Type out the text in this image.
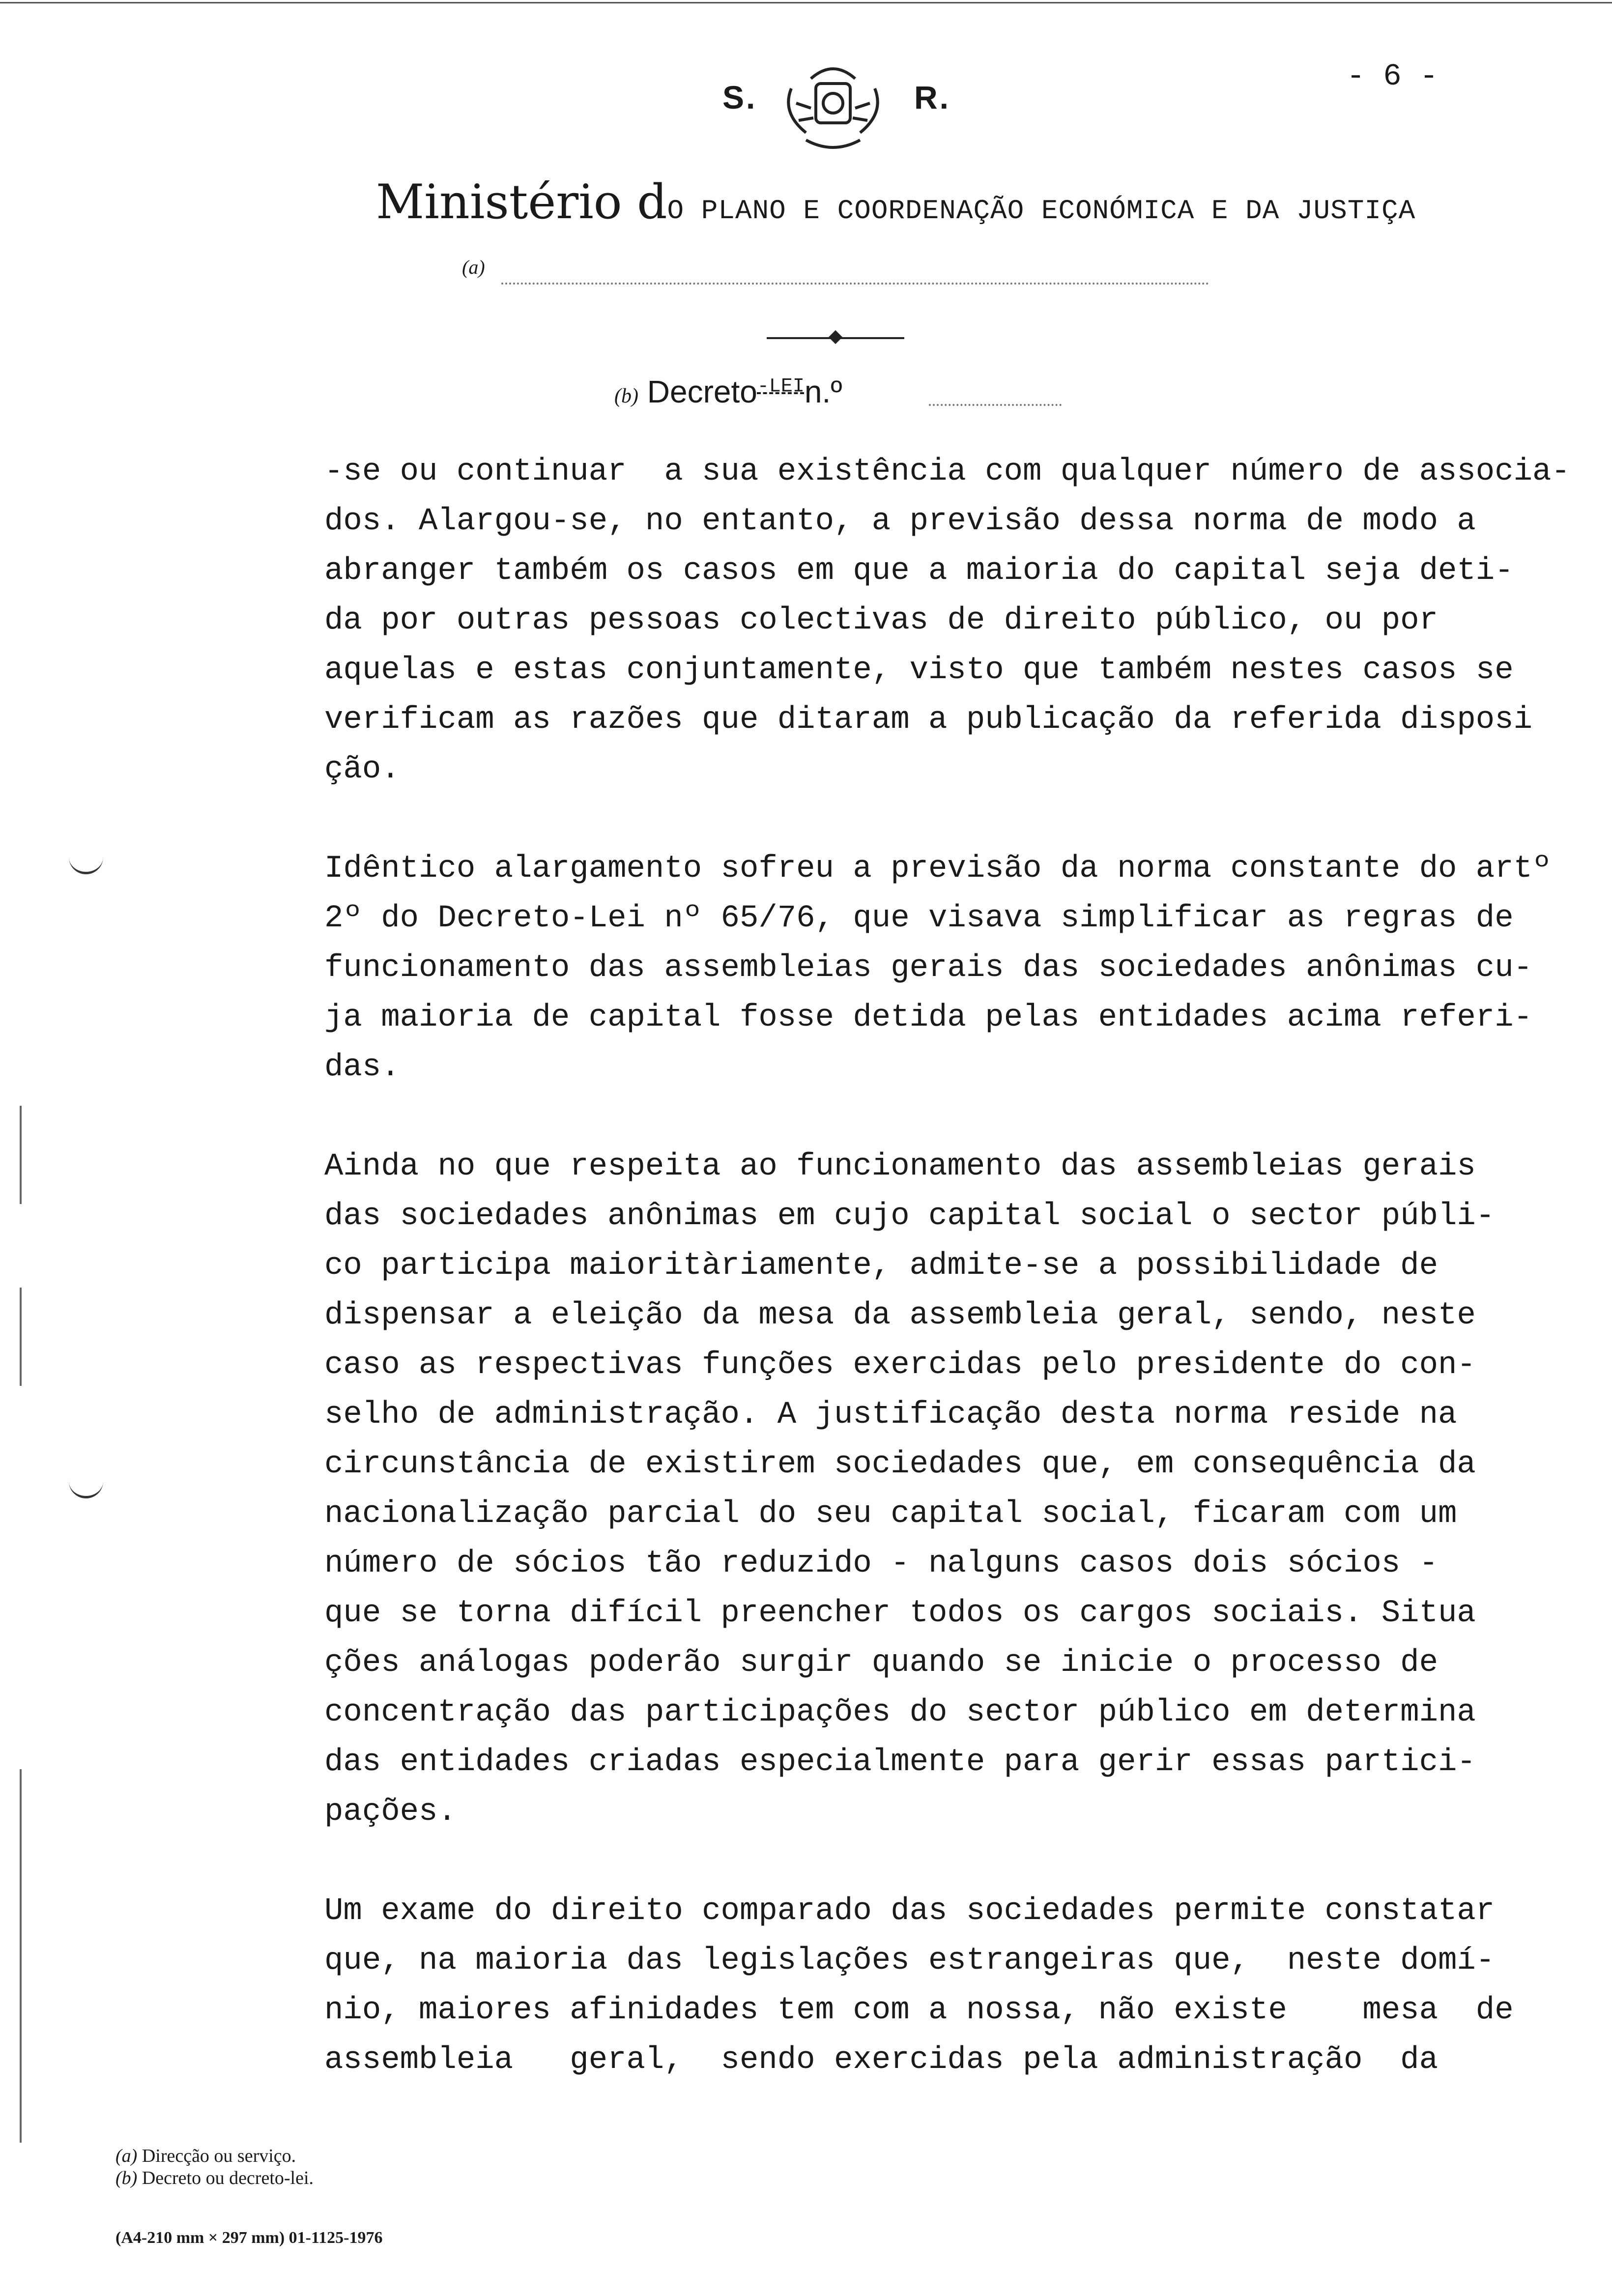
S.	R.
- 6 -
Ministério dO PLANO E COORDENAÇÃO ECONÓMICA E DA JUSTIÇA
(a)
(b) Decreto$^{-LEI}$n.º
-se ou continuar  a sua existência com qualquer número de associa-
dos. Alargou-se, no entanto, a previsão dessa norma de modo a
abranger também os casos em que a maioria do capital seja deti-
da por outras pessoas colectivas de direito público, ou por
aquelas e estas conjuntamente, visto que também nestes casos se
verificam as razões que ditaram a publicação da referida disposi
ção.
Idêntico alargamento sofreu a previsão da norma constante do artº
2º do Decreto-Lei nº 65/76, que visava simplificar as regras de
funcionamento das assembleias gerais das sociedades anônimas cu-
ja maioria de capital fosse detida pelas entidades acima referi-
das.
Ainda no que respeita ao funcionamento das assembleias gerais
das sociedades anônimas em cujo capital social o sector públi-
co participa maioritàriamente, admite-se a possibilidade de
dispensar a eleição da mesa da assembleia geral, sendo, neste
caso as respectivas funções exercidas pelo presidente do con-
selho de administração. A justificação desta norma reside na
circunstância de existirem sociedades que, em consequência da
nacionalização parcial do seu capital social, ficaram com um
número de sócios tão reduzido - nalguns casos dois sócios -
que se torna difícil preencher todos os cargos sociais. Situa
ções análogas poderão surgir quando se inicie o processo de
concentração das participações do sector público em determina
das entidades criadas especialmente para gerir essas partici-
pações.
Um exame do direito comparado das sociedades permite constatar
que, na maioria das legislações estrangeiras que,  neste domí-
nio, maiores afinidades tem com a nossa, não existe    mesa  de
assembleia   geral,  sendo exercidas pela administração  da
(a) Direcção ou serviço.
(b) Decreto ou decreto-lei.
(A4-210 mm × 297 mm) 01-1125-1976
